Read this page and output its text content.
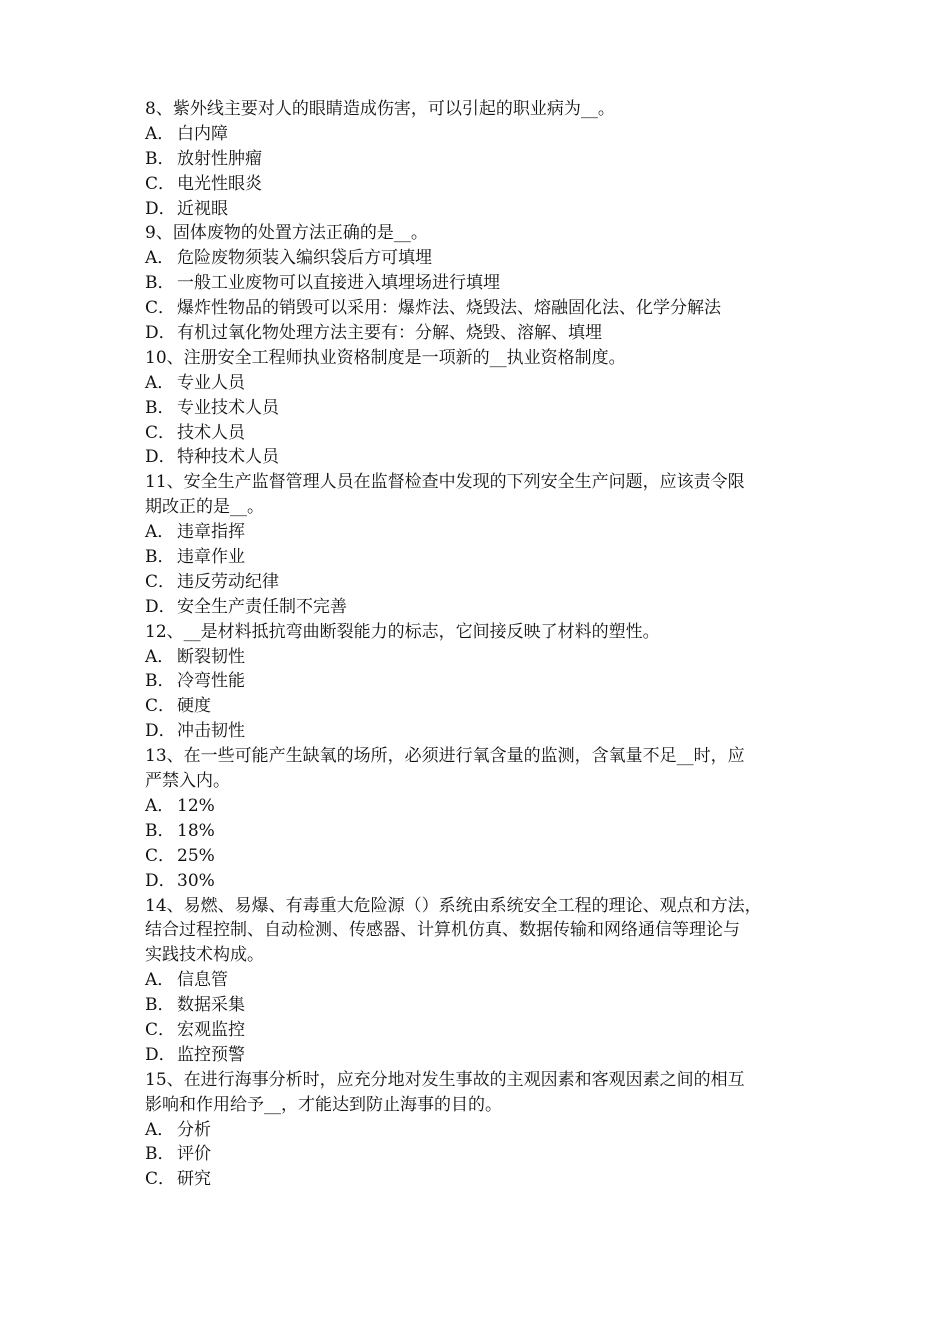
8、紫外线主要对人的眼睛造成伤害，可以引起的职业病为__。
A． 白内障
B． 放射性肿瘤
C． 电光性眼炎
D．近视眼
9、固体废物的处置方法正确的是__。
A． 危险废物须装入编织袋后方可填埋
B． 一般工业废物可以直接进入填埋场进行填埋
C． 爆炸性物品的销毁可以采用：爆炸法、烧毁法、熔融固化法、化学分解法
D．有机过氧化物处理方法主要有：分解、烧毁、溶解、填埋
10、注册安全工程师执业资格制度是一项新的__执业资格制度。
A． 专业人员
B． 专业技术人员
C． 技术人员
D．特种技术人员
11、安全生产监督管理人员在监督检查中发现的下列安全生产问题，应该责令限
期改正的是__。
A． 违章指挥
B． 违章作业
C． 违反劳动纪律
D．安全生产责任制不完善
12、__是材料抵抗弯曲断裂能力的标志，它间接反映了材料的塑性。
A． 断裂韧性
B． 冷弯性能
C． 硬度
D．冲击韧性
13、在一些可能产生缺氧的场所，必须进行氧含量的监测，含氧量不足__时，应
严禁入内。
A． 12%
B． 18%
C． 25%
D．30%
14、易燃、易爆、有毒重大危险源（）系统由系统安全工程的理论、观点和方法，
结合过程控制、自动检测、传感器、计算机仿真、数据传输和网络通信等理论与
实践技术构成。
A． 信息管
B． 数据采集
C． 宏观监控
D．监控预警
15、在进行海事分析时，应充分地对发生事故的主观因素和客观因素之间的相互
影响和作用给予__，才能达到防止海事的目的。
A． 分析
B． 评价
C． 研究
